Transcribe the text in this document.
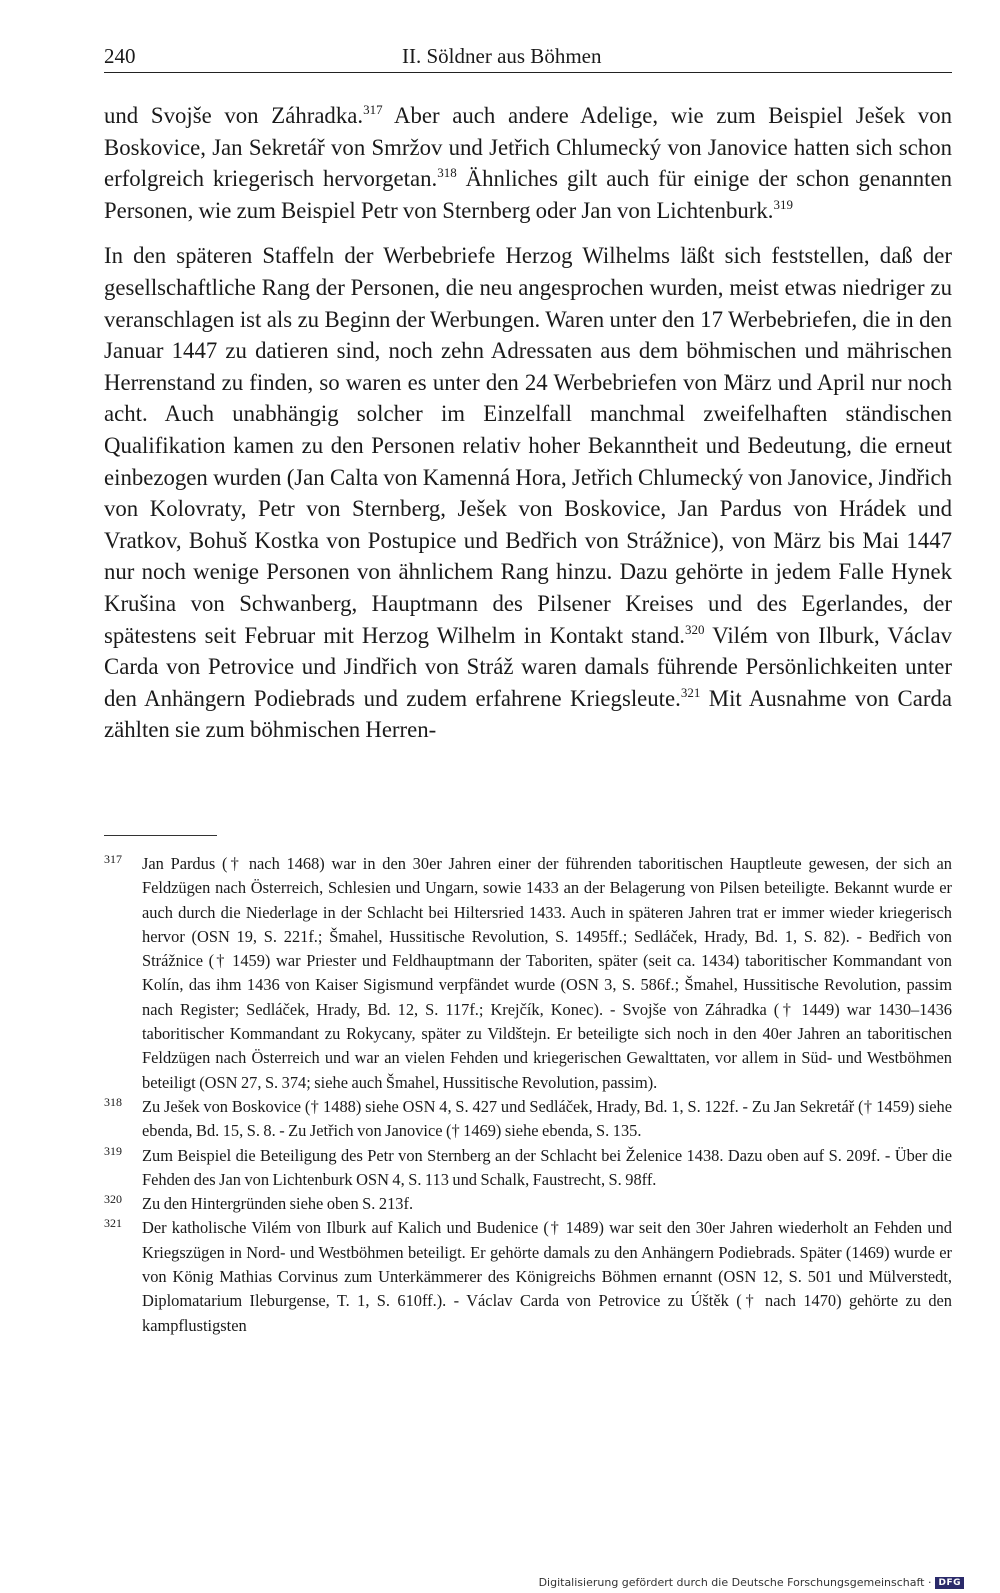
240	II. Söldner aus Böhmen

und Svojše von Záhradka.$^{317}$ Aber auch andere Adelige, wie zum Beispiel Ješek von Boskovice, Jan Sekretář von Smržov und Jetřich Chlumecký von Janovice hatten sich schon erfolgreich kriegerisch hervorgetan.$^{318}$ Ähnliches gilt auch für einige der schon genannten Personen, wie zum Beispiel Petr von Sternberg oder Jan von Lichtenburk.$^{319}$

In den späteren Staffeln der Werbebriefe Herzog Wilhelms läßt sich feststellen, daß der gesellschaftliche Rang der Personen, die neu angesprochen wurden, meist etwas niedriger zu veranschlagen ist als zu Beginn der Werbungen. Waren unter den 17 Werbebriefen, die in den Januar 1447 zu datieren sind, noch zehn Adressaten aus dem böhmischen und mährischen Herrenstand zu finden, so waren es unter den 24 Werbebriefen von März und April nur noch acht. Auch unabhängig solcher im Einzelfall manchmal zweifelhaften ständischen Qualifikation kamen zu den Personen relativ hoher Bekanntheit und Bedeutung, die erneut einbezogen wurden (Jan Calta von Kamenná Hora, Jetřich Chlumecký von Janovice, Jindřich von Kolovraty, Petr von Sternberg, Ješek von Boskovice, Jan Pardus von Hrádek und Vratkov, Bohuš Kostka von Postupice und Bedřich von Strážnice), von März bis Mai 1447 nur noch wenige Personen von ähnlichem Rang hinzu. Dazu gehörte in jedem Falle Hynek Krušina von Schwanberg, Hauptmann des Pilsener Kreises und des Egerlandes, der spätestens seit Februar mit Herzog Wilhelm in Kontakt stand.$^{320}$ Vilém von Ilburk, Václav Carda von Petrovice und Jindřich von Stráž waren damals führende Persönlichkeiten unter den Anhängern Podiebrads und zudem erfahrene Kriegsleute.$^{321}$ Mit Ausnahme von Carda zählten sie zum böhmischen Herren-

317 Jan Pardus († nach 1468) war in den 30er Jahren einer der führenden taboritischen Hauptleute gewesen, der sich an Feldzügen nach Österreich, Schlesien und Ungarn, sowie 1433 an der Belagerung von Pilsen beteiligte. Bekannt wurde er auch durch die Niederlage in der Schlacht bei Hiltersried 1433. Auch in späteren Jahren trat er immer wieder kriegerisch hervor (OSN 19, S. 221f.; Šmahel, Hussitische Revolution, S. 1495ff.; Sedláček, Hrady, Bd. 1, S. 82). - Bedřich von Strážnice († 1459) war Priester und Feldhauptmann der Taboriten, später (seit ca. 1434) taboritischer Kommandant von Kolín, das ihm 1436 von Kaiser Sigismund verpfändet wurde (OSN 3, S. 586f.; Šmahel, Hussitische Revolution, passim nach Register; Sedláček, Hrady, Bd. 12, S. 117f.; Krejčík, Konec). - Svojše von Záhradka († 1449) war 1430–1436 taboritischer Kommandant zu Rokycany, später zu Vildštejn. Er beteiligte sich noch in den 40er Jahren an taboritischen Feldzügen nach Österreich und war an vielen Fehden und kriegerischen Gewalttaten, vor allem in Süd- und Westböhmen beteiligt (OSN 27, S. 374; siehe auch Šmahel, Hussitische Revolution, passim).

318 Zu Ješek von Boskovice († 1488) siehe OSN 4, S. 427 und Sedláček, Hrady, Bd. 1, S. 122f. - Zu Jan Sekretář († 1459) siehe ebenda, Bd. 15, S. 8. - Zu Jetřich von Janovice († 1469) siehe ebenda, S. 135.

319 Zum Beispiel die Beteiligung des Petr von Sternberg an der Schlacht bei Želenice 1438. Dazu oben auf S. 209f. - Über die Fehden des Jan von Lichtenburk OSN 4, S. 113 und Schalk, Faustrecht, S. 98ff.

320 Zu den Hintergründen siehe oben S. 213f.

321 Der katholische Vilém von Ilburk auf Kalich und Budenice († 1489) war seit den 30er Jahren wiederholt an Fehden und Kriegszügen in Nord- und Westböhmen beteiligt. Er gehörte damals zu den Anhängern Podiebrads. Später (1469) wurde er von König Mathias Corvinus zum Unterkämmerer des Königreichs Böhmen ernannt (OSN 12, S. 501 und Mülverstedt, Diplomatarium Ileburgense, T. 1, S. 610ff.). - Václav Carda von Petrovice zu Úštěk († nach 1470) gehörte zu den kampflustigsten

Digitalisierung gefördert durch die Deutsche Forschungsgemeinschaft · DFG
